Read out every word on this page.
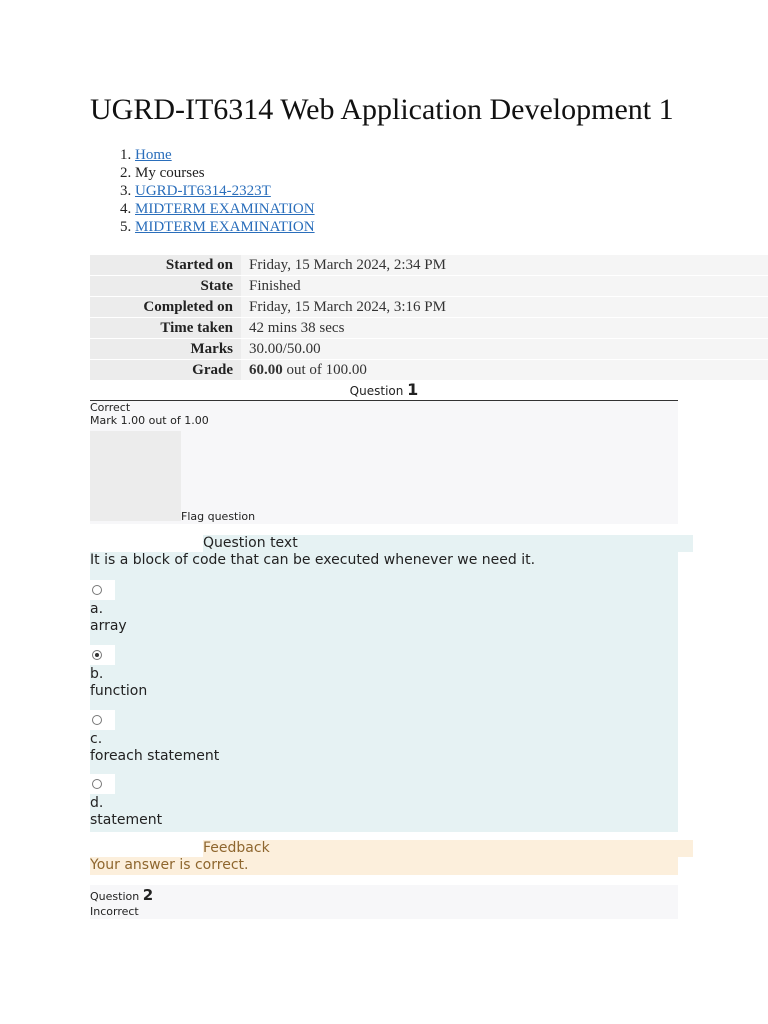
UGRD-IT6314 Web Application Development 1
1. Home
2. My courses
3. UGRD-IT6314-2323T
4. MIDTERM EXAMINATION
5. MIDTERM EXAMINATION
Started on	Friday, 15 March 2024, 2:34 PM
State	Finished
Completed on	Friday, 15 March 2024, 3:16 PM
Time taken	42 mins 38 secs
Marks	30.00/50.00
Grade	60.00 out of 100.00
Question 1
Correct
Mark 1.00 out of 1.00
Flag question
Question text
It is a block of code that can be executed whenever we need it.
a.
array
b.
function
c.
foreach statement
d.
statement
Feedback
Your answer is correct.
Question 2
Incorrect
